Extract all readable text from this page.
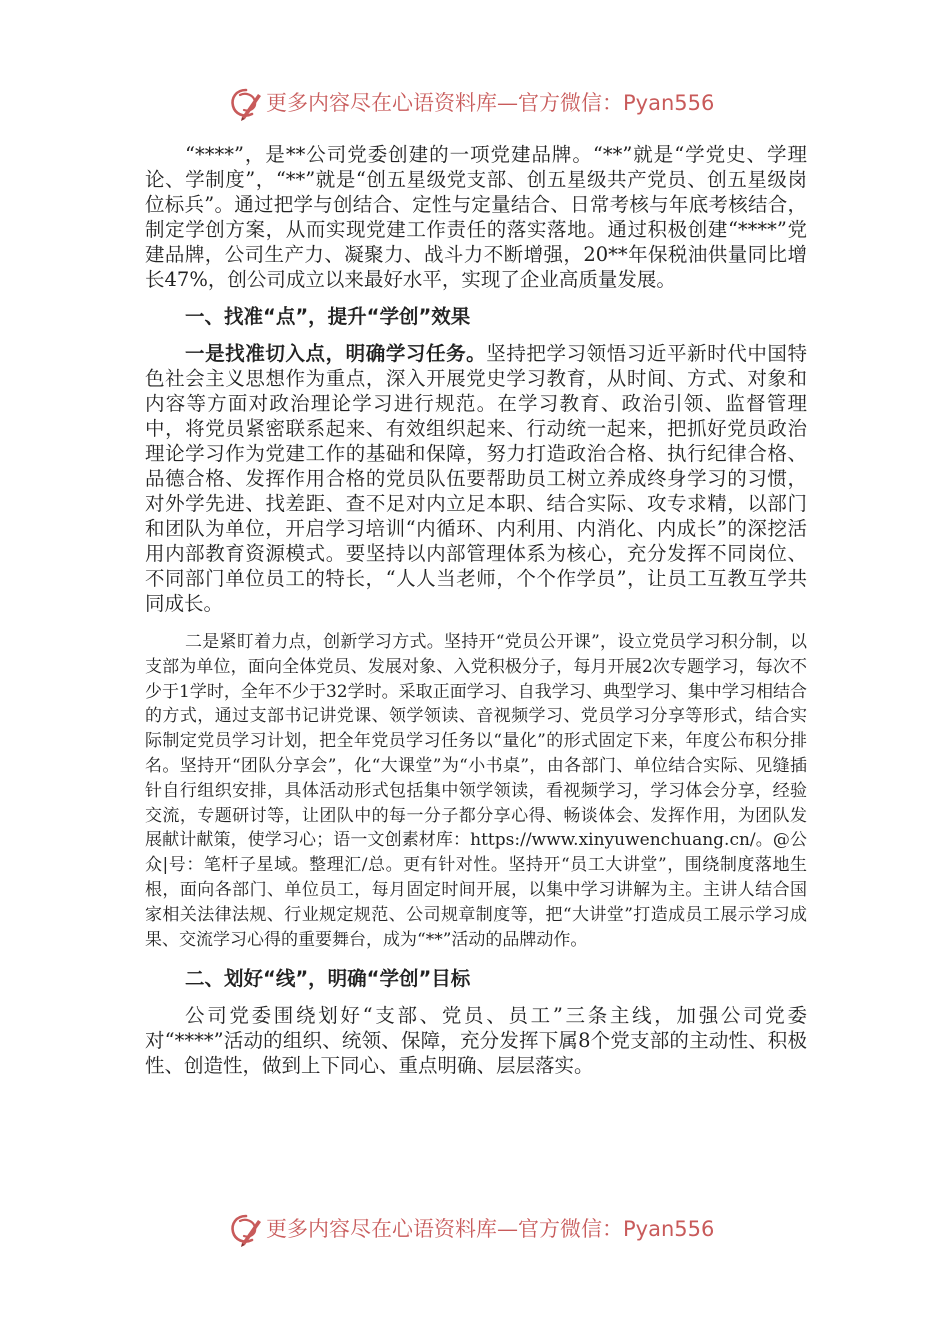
更多内容尽在心语资料库—官方微信：Pyan556

“****”，是**公司党委创建的一项党建品牌。“**”就是“学党史、学理论、学制度”，“**”就是“创五星级党支部、创五星级共产党员、创五星级岗位标兵”。通过把学与创结合、定性与定量结合、日常考核与年底考核结合，制定学创方案，从而实现党建工作责任的落实落地。通过积极创建“****”党建品牌，公司生产力、凝聚力、战斗力不断增强，20**年保税油供量同比增长47%，创公司成立以来最好水平，实现了企业高质量发展。

一、找准“点”，提升“学创”效果

一是找准切入点，明确学习任务。坚持把学习领悟习近平新时代中国特色社会主义思想作为重点，深入开展党史学习教育，从时间、方式、对象和内容等方面对政治理论学习进行规范。在学习教育、政治引领、监督管理中，将党员紧密联系起来、有效组织起来、行动统一起来，把抓好党员政治理论学习作为党建工作的基础和保障，努力打造政治合格、执行纪律合格、品德合格、发挥作用合格的党员队伍要帮助员工树立养成终身学习的习惯，对外学先进、找差距、查不足对内立足本职、结合实际、攻专求精，以部门和团队为单位，开启学习培训“内循环、内利用、内消化、内成长”的深挖活用内部教育资源模式。要坚持以内部管理体系为核心，充分发挥不同岗位、不同部门单位员工的特长，“人人当老师，个个作学员”，让员工互教互学共同成长。

二是紧盯着力点，创新学习方式。坚持开“党员公开课”，设立党员学习积分制，以支部为单位，面向全体党员、发展对象、入党积极分子，每月开展2次专题学习，每次不少于1学时，全年不少于32学时。采取正面学习、自我学习、典型学习、集中学习相结合的方式，通过支部书记讲党课、领学领读、音视频学习、党员学习分享等形式，结合实际制定党员学习计划，把全年党员学习任务以“量化”的形式固定下来，年度公布积分排名。坚持开“团队分享会”，化“大课堂”为“小书桌”，由各部门、单位结合实际、见缝插针自行组织安排，具体活动形式包括集中领学领读，看视频学习，学习体会分享，经验交流，专题研讨等，让团队中的每一分子都分享心得、畅谈体会、发挥作用，为团队发展献计献策，使学习心；语一文创素材库：https://www.xinyuwenchuang.cn/。@公众|号：笔杆子星域。整理汇/总。更有针对性。坚持开“员工大讲堂”，围绕制度落地生根，面向各部门、单位员工，每月固定时间开展，以集中学习讲解为主。主讲人结合国家相关法律法规、行业规定规范、公司规章制度等，把“大讲堂”打造成员工展示学习成果、交流学习心得的重要舞台，成为“**”活动的品牌动作。

二、划好“线”，明确“学创”目标

公司党委围绕划好“支部、党员、员工”三条主线，加强公司党委对“****”活动的组织、统领、保障，充分发挥下属8个党支部的主动性、积极性、创造性，做到上下同心、重点明确、层层落实。

更多内容尽在心语资料库—官方微信：Pyan556
